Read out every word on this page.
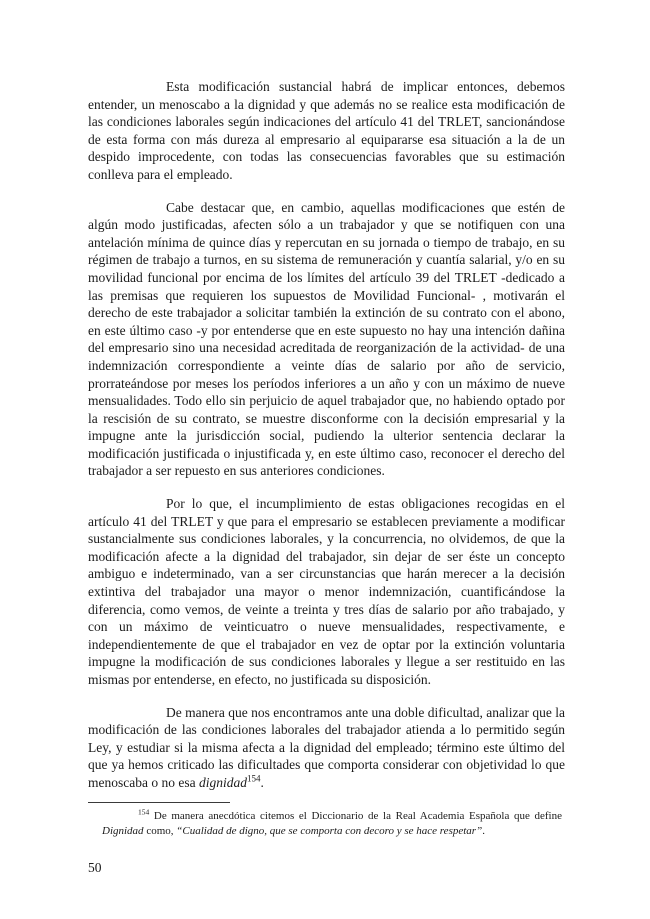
Esta modificación sustancial habrá de implicar entonces, debemos entender, un menoscabo a la dignidad y que además no se realice esta modificación de las condiciones laborales según indicaciones del artículo 41 del TRLET, sancionándose de esta forma con más dureza al empresario al equipararse esa situación a la de un despido improcedente, con todas las consecuencias favorables que su estimación conlleva para el empleado.

Cabe destacar que, en cambio, aquellas modificaciones que estén de algún modo justificadas, afecten sólo a un trabajador y que se notifiquen con una antelación mínima de quince días y repercutan en su jornada o tiempo de trabajo, en su régimen de trabajo a turnos, en su sistema de remuneración y cuantía salarial, y/o en su movilidad funcional por encima de los límites del artículo 39 del TRLET -dedicado a las premisas que requieren los supuestos de Movilidad Funcional- , motivarán el derecho de este trabajador a solicitar también la extinción de su contrato con el abono, en este último caso -y por entenderse que en este supuesto no hay una intención dañina del empresario sino una necesidad acreditada de reorganización de la actividad- de una indemnización correspondiente a veinte días de salario por año de servicio, prorrateándose por meses los períodos inferiores a un año y con un máximo de nueve mensualidades. Todo ello sin perjuicio de aquel trabajador que, no habiendo optado por la rescisión de su contrato, se muestre disconforme con la decisión empresarial y la impugne ante la jurisdicción social, pudiendo la ulterior sentencia declarar la modificación justificada o injustificada y, en este último caso, reconocer el derecho del trabajador a ser repuesto en sus anteriores condiciones.

Por lo que, el incumplimiento de estas obligaciones recogidas en el artículo 41 del TRLET y que para el empresario se establecen previamente a modificar sustancialmente sus condiciones laborales, y la concurrencia, no olvidemos, de que la modificación afecte a la dignidad del trabajador, sin dejar de ser éste un concepto ambiguo e indeterminado, van a ser circunstancias que harán merecer a la decisión extintiva del trabajador una mayor o menor indemnización, cuantificándose la diferencia, como vemos, de veinte a treinta y tres días de salario por año trabajado, y con un máximo de veinticuatro o nueve mensualidades, respectivamente, e independientemente de que el trabajador en vez de optar por la extinción voluntaria impugne la modificación de sus condiciones laborales y llegue a ser restituido en las mismas por entenderse, en efecto, no justificada su disposición.

De manera que nos encontramos ante una doble dificultad, analizar que la modificación de las condiciones laborales del trabajador atienda a lo permitido según Ley, y estudiar si la misma afecta a la dignidad del empleado; término este último del que ya hemos criticado las dificultades que comporta considerar con objetividad lo que menoscaba o no esa dignidad$^{154}$.

$^{154}$ De manera anecdótica citemos el Diccionario de la Real Academia Española que define Dignidad como, “Cualidad de digno, que se comporta con decoro y se hace respetar”.

50
